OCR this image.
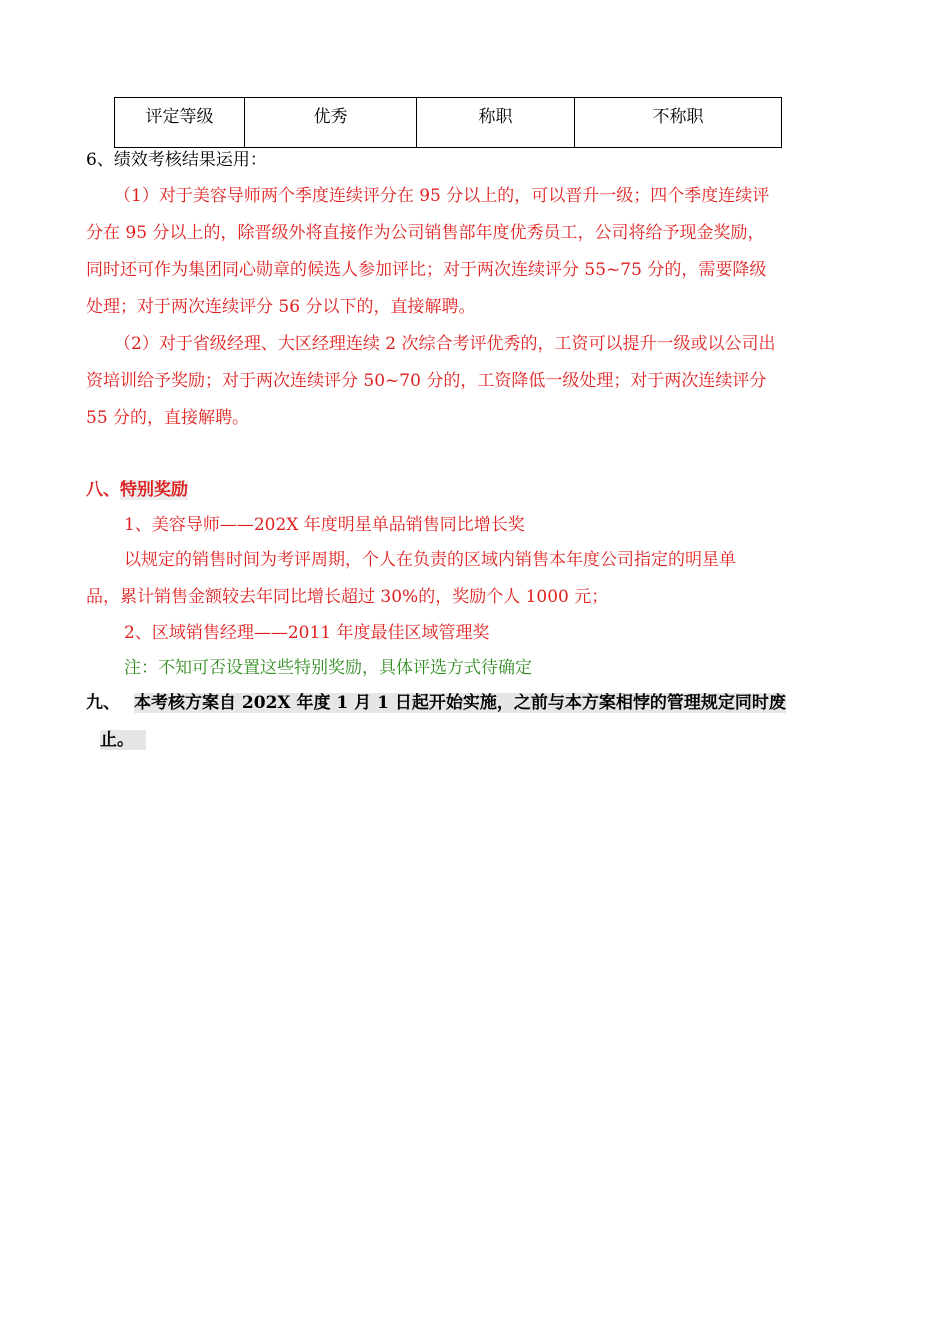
评定等级	优秀	称职	不称职
6、绩效考核结果运用：
（1）对于美容导师两个季度连续评分在 95 分以上的，可以晋升一级；四个季度连续评
分在 95 分以上的，除晋级外将直接作为公司销售部年度优秀员工，公司将给予现金奖励，
同时还可作为集团同心勋章的候选人参加评比；对于两次连续评分 55~75 分的，需要降级
处理；对于两次连续评分 56 分以下的，直接解聘。
（2）对于省级经理、大区经理连续 2 次综合考评优秀的，工资可以提升一级或以公司出
资培训给予奖励；对于两次连续评分 50~70 分的，工资降低一级处理；对于两次连续评分
55 分的，直接解聘。
八、特别奖励
1、美容导师——202X 年度明星单品销售同比增长奖
以规定的销售时间为考评周期，个人在负责的区域内销售本年度公司指定的明星单
品，累计销售金额较去年同比增长超过 30%的，奖励个人 1000 元；
2、区域销售经理——2011 年度最佳区域管理奖
注：不知可否设置这些特别奖励，具体评选方式待确定
九、 本考核方案自 202X 年度 1 月 1 日起开始实施，之前与本方案相悖的管理规定同时废
止。
